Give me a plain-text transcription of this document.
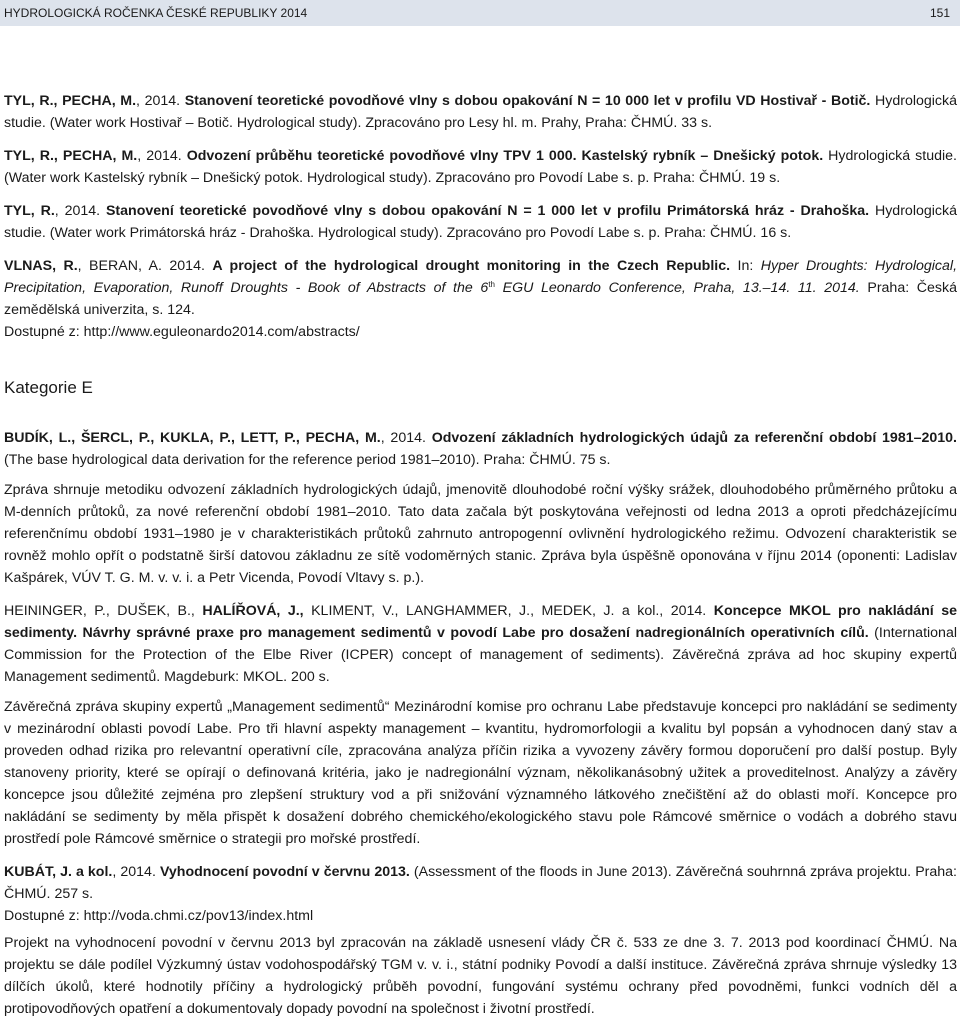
HYDROLOGICKÁ ROČENKA ČESKÉ REPUBLIKY 2014	151

TYL, R., PECHA, M., 2014. Stanovení teoretické povodňové vlny s dobou opakování N = 10 000 let v profilu VD Hostivař - Botič. Hydrologická studie. (Water work Hostivař – Botič. Hydrological study). Zpracováno pro Lesy hl. m. Prahy, Praha: ČHMÚ. 33 s.

TYL, R., PECHA, M., 2014. Odvození průběhu teoretické povodňové vlny TPV 1 000. Kastelský rybník – Dnešický potok. Hydrologická studie. (Water work Kastelský rybník – Dnešický potok. Hydrological study). Zpracováno pro Povodí Labe s. p. Praha: ČHMÚ. 19 s.

TYL, R., 2014. Stanovení teoretické povodňové vlny s dobou opakování N = 1 000 let v profilu Primátorská hráz - Drahoška. Hydrologická studie. (Water work Primátorská hráz - Drahoška. Hydrological study). Zpracováno pro Povodí Labe s. p. Praha: ČHMÚ. 16 s.

VLNAS, R., BERAN, A. 2014. A project of the hydrological drought monitoring in the Czech Republic. In: Hyper Droughts: Hydrological, Precipitation, Evaporation, Runoff Droughts - Book of Abstracts of the 6th EGU Leonardo Conference, Praha, 13.–14. 11. 2014. Praha: Česká zemědělská univerzita, s. 124.

Dostupné z: http://www.eguleonardo2014.com/abstracts/

Kategorie E

BUDÍK, L., ŠERCL, P., KUKLA, P., LETT, P., PECHA, M., 2014. Odvození základních hydrologických údajů za referenční období 1981–2010. (The base hydrological data derivation for the reference period 1981–2010). Praha: ČHMÚ. 75 s.

Zpráva shrnuje metodiku odvození základních hydrologických údajů, jmenovitě dlouhodobé roční výšky srážek, dlouhodobého průměrného průtoku a M-denních průtoků, za nové referenční období 1981–2010. Tato data začala být poskytována veřejnosti od ledna 2013 a oproti předcházejícímu referenčnímu období 1931–1980 je v charakteristikách průtoků zahrnuto antropogenní ovlivnění hydrologického režimu. Odvození charakteristik se rovněž mohlo opřít o podstatně širší datovou základnu ze sítě vodoměrných stanic. Zpráva byla úspěšně oponována v říjnu 2014 (oponenti: Ladislav Kašpárek, VÚV T. G. M. v. v. i. a Petr Vicenda, Povodí Vltavy s. p.).

HEININGER, P., DUŠEK, B., HALÍŘOVÁ, J., KLIMENT, V., LANGHAMMER, J., MEDEK, J. a kol., 2014. Koncepce MKOL pro nakládání se sedimenty. Návrhy správné praxe pro management sedimentů v povodí Labe pro dosažení nadregionálních operativních cílů. (International Commission for the Protection of the Elbe River (ICPER) concept of management of sediments). Závěrečná zpráva ad hoc skupiny expertů Management sedimentů. Magdeburk: MKOL. 200 s.

Závěrečná zpráva skupiny expertů „Management sedimentů“ Mezinárodní komise pro ochranu Labe představuje koncepci pro nakládání se sedimenty v mezinárodní oblasti povodí Labe. Pro tři hlavní aspekty management – kvantitu, hydromorfologii a kvalitu byl popsán a vyhodnocen daný stav a proveden odhad rizika pro relevantní operativní cíle, zpracována analýza příčin rizika a vyvozeny závěry formou doporučení pro další postup. Byly stanoveny priority, které se opírají o definovaná kritéria, jako je nadregionální význam, několikanásobný užitek a proveditelnost. Analýzy a závěry koncepce jsou důležité zejména pro zlepšení struktury vod a při snižování významného látkového znečištění až do oblasti moří. Koncepce pro nakládání se sedimenty by měla přispět k dosažení dobrého chemického/ekologického stavu pole Rámcové směrnice o vodách a dobrého stavu prostředí pole Rámcové směrnice o strategii pro mořské prostředí.

KUBÁT, J. a kol., 2014. Vyhodnocení povodní v červnu 2013. (Assessment of the floods in June 2013). Závěrečná souhrnná zpráva projektu. Praha: ČHMÚ. 257 s.

Dostupné z: http://voda.chmi.cz/pov13/index.html

Projekt na vyhodnocení povodní v červnu 2013 byl zpracován na základě usnesení vlády ČR č. 533 ze dne 3. 7. 2013 pod koordinací ČHMÚ. Na projektu se dále podílel Výzkumný ústav vodohospodářský TGM v. v. i., státní podniky Povodí a další instituce. Závěrečná zpráva shrnuje výsledky 13 dílčích úkolů, které hodnotily příčiny a hydrologický průběh povodní, fungování systému ochrany před povodněmi, funkci vodních děl a protipovodňových opatření a dokumentovaly dopady povodní na společnost i životní prostředí.
